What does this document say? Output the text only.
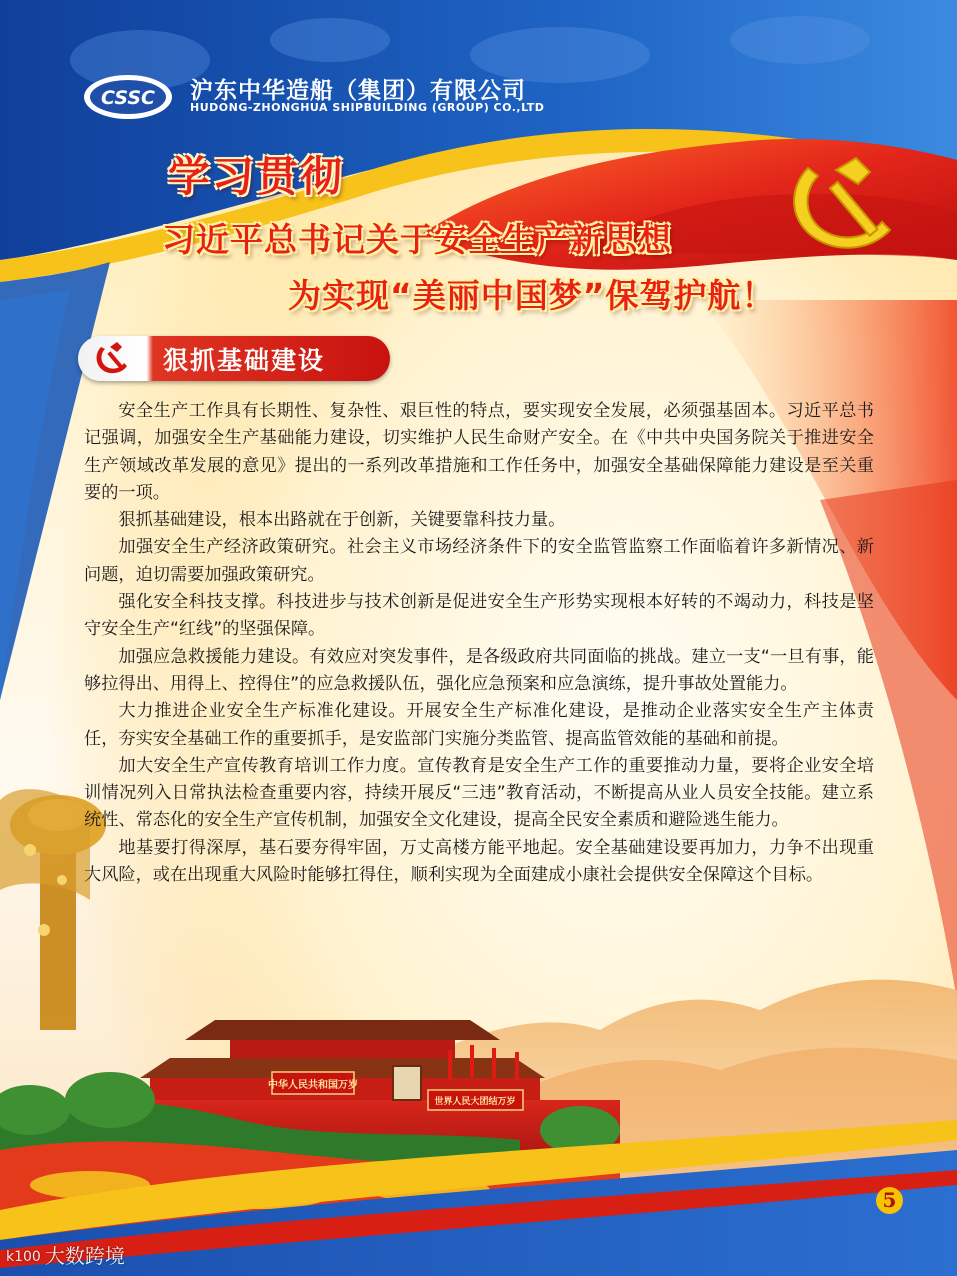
CSSC 沪东中华造船（集团）有限公司
HUDONG-ZHONGHUA SHIPBUILDING (GROUP) CO.,LTD
学习贯彻
习近平总书记关于安全生产新思想
为实现“美丽中国梦”保驾护航！
狠抓基础建设

安全生产工作具有长期性、复杂性、艰巨性的特点，要实现安全发展，必须强基固本。习近平总书记强调，加强安全生产基础能力建设，切实维护人民生命财产安全。在《中共中央国务院关于推进安全生产领域改革发展的意见》提出的一系列改革措施和工作任务中，加强安全基础保障能力建设是至关重要的一项。

狠抓基础建设，根本出路就在于创新，关键要靠科技力量。

加强安全生产经济政策研究。社会主义市场经济条件下的安全监管监察工作面临着许多新情况、新问题，迫切需要加强政策研究。

强化安全科技支撑。科技进步与技术创新是促进安全生产形势实现根本好转的不竭动力，科技是坚守安全生产“红线”的坚强保障。

加强应急救援能力建设。有效应对突发事件，是各级政府共同面临的挑战。建立一支“一旦有事，能够拉得出、用得上、控得住”的应急救援队伍，强化应急预案和应急演练，提升事故处置能力。

大力推进企业安全生产标准化建设。开展安全生产标准化建设，是推动企业落实安全生产主体责任，夯实安全基础工作的重要抓手，是安监部门实施分类监管、提高监管效能的基础和前提。

加大安全生产宣传教育培训工作力度。宣传教育是安全生产工作的重要推动力量，要将企业安全培训情况列入日常执法检查重要内容，持续开展反“三违”教育活动，不断提高从业人员安全技能。建立系统性、常态化的安全生产宣传机制，加强安全文化建设，提高全民安全素质和避险逃生能力。

地基要打得深厚，基石要夯得牢固，万丈高楼方能平地起。安全基础建设要再加力，力争不出现重大风险，或在出现重大风险时能够扛得住，顺利实现为全面建成小康社会提供安全保障这个目标。

中华人民共和国万岁
世界人民大团结万岁
5
k100 大数跨境
